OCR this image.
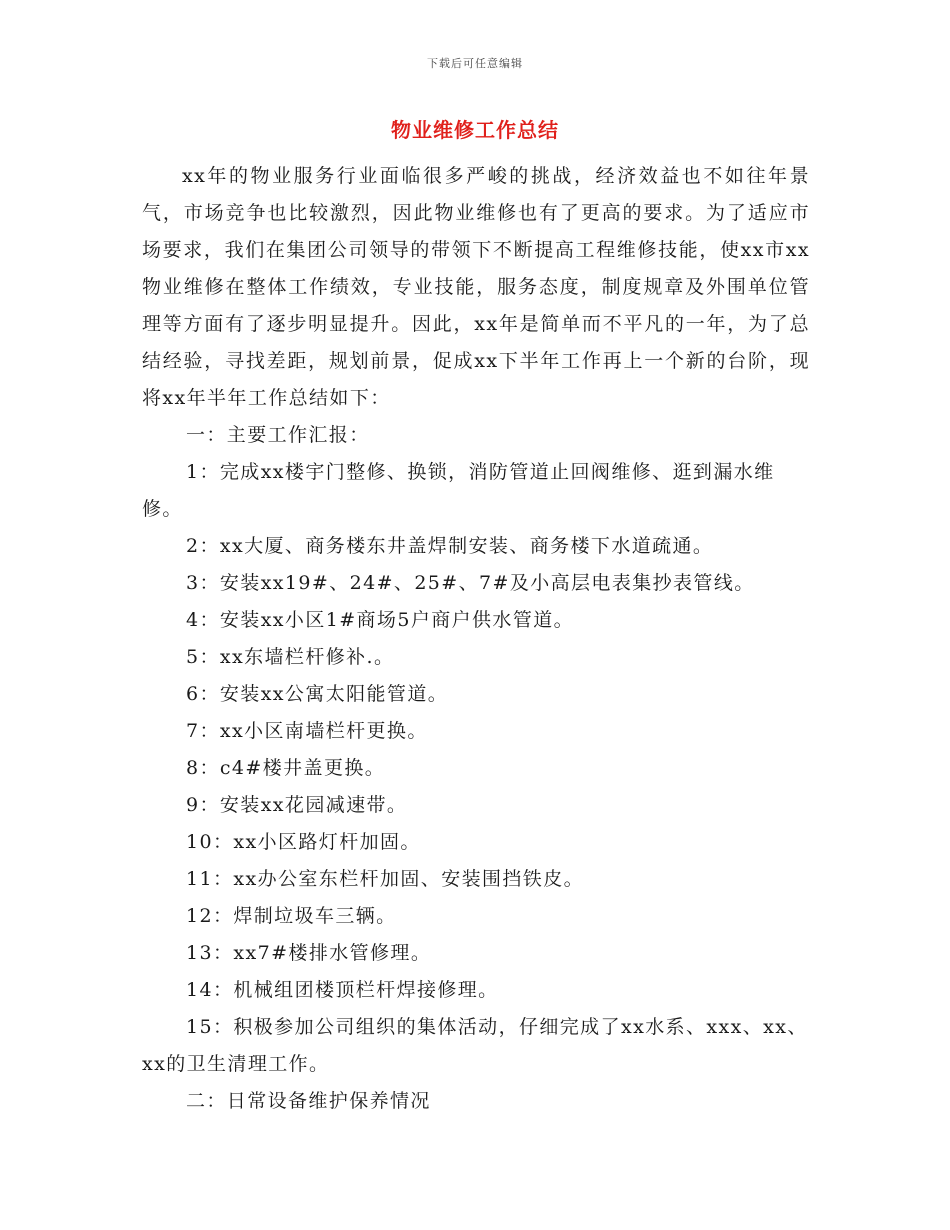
下载后可任意编辑
物业维修工作总结

xx年的物业服务行业面临很多严峻的挑战，经济效益也不如往年景气，市场竞争也比较激烈，因此物业维修也有了更高的要求。为了适应市场要求，我们在集团公司领导的带领下不断提高工程维修技能，使xx市xx物业维修在整体工作绩效，专业技能，服务态度，制度规章及外围单位管理等方面有了逐步明显提升。因此，xx年是简单而不平凡的一年，为了总结经验，寻找差距，规划前景，促成xx下半年工作再上一个新的台阶，现将xx年半年工作总结如下：

一：主要工作汇报：

1：完成xx楼宇门整修、换锁，消防管道止回阀维修、逛到漏水维修。

2：xx大厦、商务楼东井盖焊制安装、商务楼下水道疏通。

3：安装xx19#、24#、25#、7#及小高层电表集抄表管线。

4：安装xx小区1#商场5户商户供水管道。

5：xx东墙栏杆修补.。

6：安装xx公寓太阳能管道。

7：xx小区南墙栏杆更换。

8：c4#楼井盖更换。

9：安装xx花园减速带。

10：xx小区路灯杆加固。

11：xx办公室东栏杆加固、安装围挡铁皮。

12：焊制垃圾车三辆。

13：xx7#楼排水管修理。

14：机械组团楼顶栏杆焊接修理。

15：积极参加公司组织的集体活动，仔细完成了xx水系、xxx、xx、xx的卫生清理工作。

二：日常设备维护保养情况
